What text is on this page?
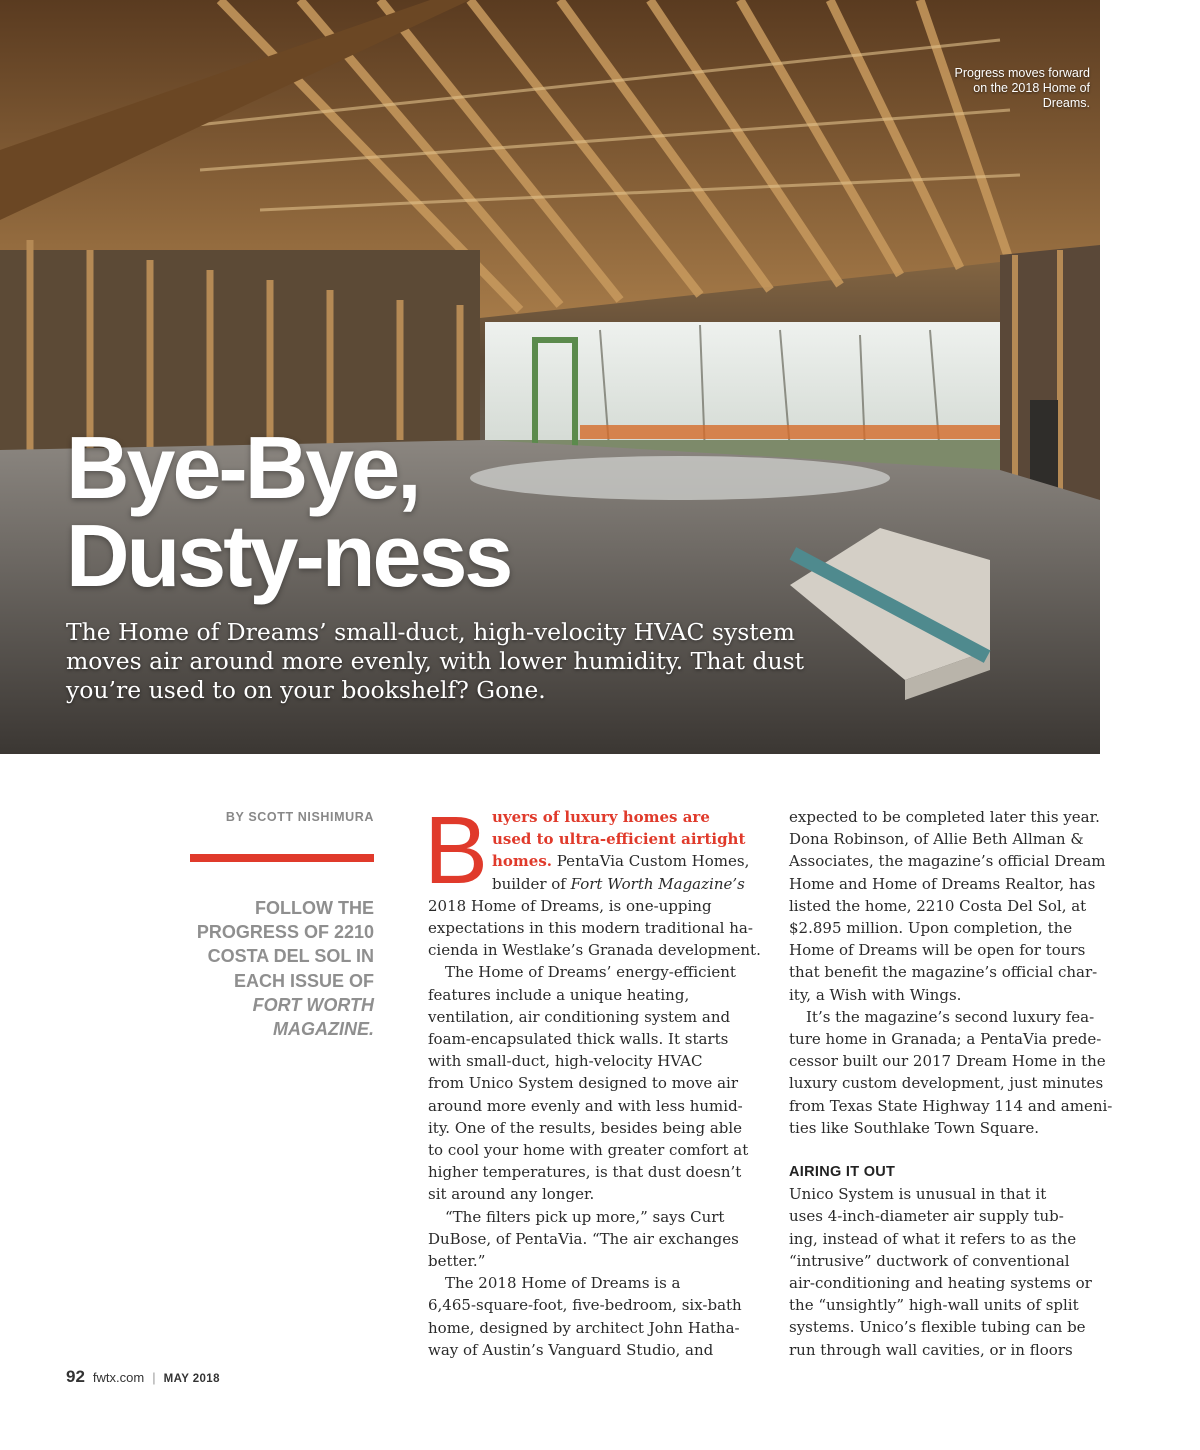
Progress moves forward on the 2018 Home of Dreams.
Bye-Bye,
Dusty-ness

The Home of Dreams’ small-duct, high-velocity HVAC system moves air around more evenly, with lower humidity. That dust you’re used to on your bookshelf? Gone.

BY SCOTT NISHIMURA
FOLLOW THE PROGRESS OF 2210 COSTA DEL SOL IN EACH ISSUE OF
FORT WORTH MAGAZINE.
B uyers of luxury homes are
used to ultra-efficient airtight
homes. PentaVia Custom Homes,
builder of Fort Worth Magazine’s
2018 Home of Dreams, is one-upping
expectations in this modern traditional ha-
cienda in Westlake’s Granada development.

The Home of Dreams’ energy-efficient
features include a unique heating,
ventilation, air conditioning system and
foam-encapsulated thick walls. It starts
with small-duct, high-velocity HVAC
from Unico System designed to move air
around more evenly and with less humid-
ity. One of the results, besides being able
to cool your home with greater comfort at
higher temperatures, is that dust doesn’t
sit around any longer.

“The filters pick up more,” says Curt
DuBose, of PentaVia. “The air exchanges
better.”

The 2018 Home of Dreams is a
6,465-square-foot, five-bedroom, six-bath
home, designed by architect John Hatha-
way of Austin’s Vanguard Studio, and

expected to be completed later this year.
Dona Robinson, of Allie Beth Allman &
Associates, the magazine’s official Dream
Home and Home of Dreams Realtor, has
listed the home, 2210 Costa Del Sol, at
$2.895 million. Upon completion, the
Home of Dreams will be open for tours
that benefit the magazine’s official char-
ity, a Wish with Wings.

It’s the magazine’s second luxury fea-
ture home in Granada; a PentaVia prede-
cessor built our 2017 Dream Home in the
luxury custom development, just minutes
from Texas State Highway 114 and ameni-
ties like Southlake Town Square.

AIRING IT OUT

Unico System is unusual in that it
uses 4-inch-diameter air supply tub-
ing, instead of what it refers to as the
“intrusive” ductwork of conventional
air-conditioning and heating systems or
the “unsightly” high-wall units of split
systems. Unico’s flexible tubing can be
run through wall cavities, or in floors

92 fwtx.com | MAY 2018
